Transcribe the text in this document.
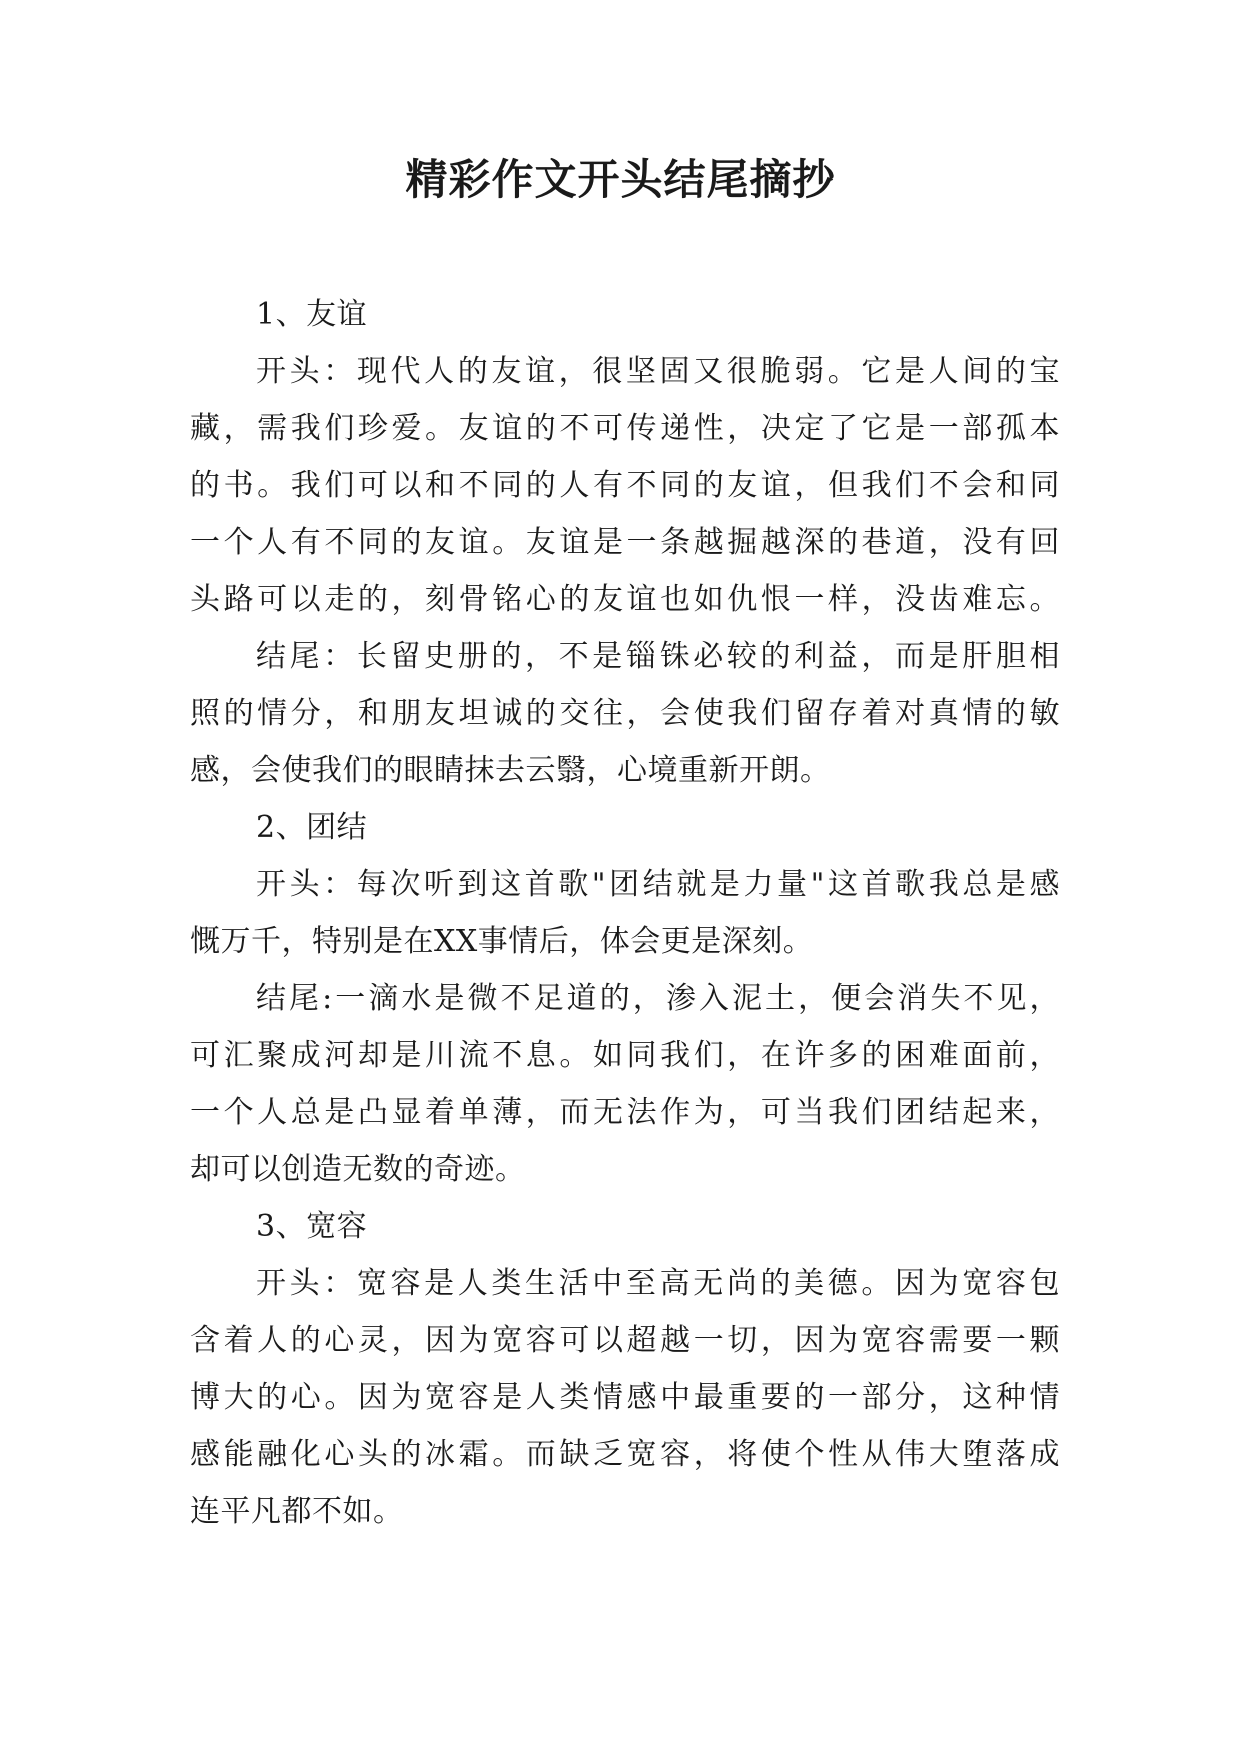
精彩作文开头结尾摘抄
1、友谊
开头：现代人的友谊，很坚固又很脆弱。它是人间的宝
藏，需我们珍爱。友谊的不可传递性，决定了它是一部孤本
的书。我们可以和不同的人有不同的友谊，但我们不会和同
一个人有不同的友谊。友谊是一条越掘越深的巷道，没有回
头路可以走的，刻骨铭心的友谊也如仇恨一样，没齿难忘。
结尾：长留史册的，不是锱铢必较的利益，而是肝胆相
照的情分，和朋友坦诚的交往，会使我们留存着对真情的敏
感，会使我们的眼睛抹去云翳，心境重新开朗。
2、团结
开头：每次听到这首歌"团结就是力量"这首歌我总是感
慨万千，特别是在XX事情后，体会更是深刻。
结尾:一滴水是微不足道的，渗入泥土，便会消失不见，
可汇聚成河却是川流不息。如同我们，在许多的困难面前，
一个人总是凸显着单薄，而无法作为，可当我们团结起来，
却可以创造无数的奇迹。
3、宽容
开头：宽容是人类生活中至高无尚的美德。因为宽容包
含着人的心灵，因为宽容可以超越一切，因为宽容需要一颗
博大的心。因为宽容是人类情感中最重要的一部分，这种情
感能融化心头的冰霜。而缺乏宽容，将使个性从伟大堕落成
连平凡都不如。
